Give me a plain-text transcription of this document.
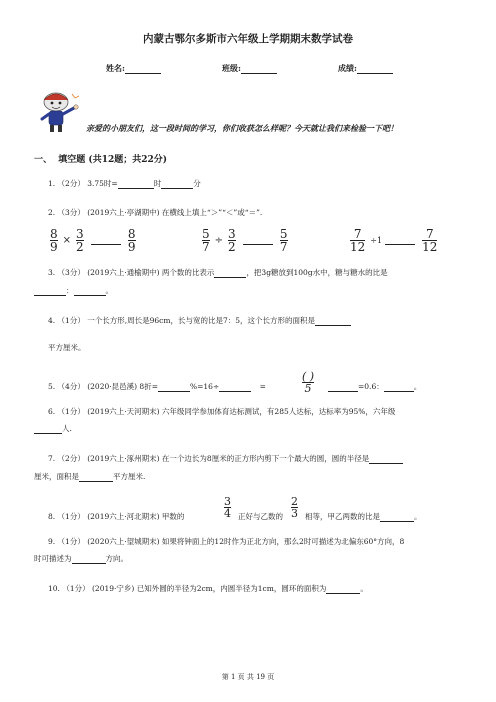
内蒙古鄂尔多斯市六年级上学期期末数学试卷
姓名:	班级:	成绩:
亲爱的小朋友们，这一段时间的学习，你们收获怎么样呢？今天就让我们来检验一下吧！
一、 填空题 (共12题；共22分)
1. （2分） 3.75时=	时	分
2. （3分） (2019六上·亭湖期中) 在横线上填上“＞”“＜”或“＝”.
$\frac{8}{9} \times \frac{3}{2}$
	$\frac{8}{9}$	$\frac{5}{7} \div \frac{3}{2}$
	$\frac{5}{7}$	$\frac{7}{12} \div 1$	$\frac{7}{12}$
3. （3分） (2019六上·通榆期中) 两个数的比表示	，把3g糖放到100g水中，糖与糖水的比是
：	。
4. （1分） 一个长方形,周长是96cm，长与宽的比是7：5，这个长方形的面积是
平方厘米。
5. （4分） (2020·昆邑溪) 8折=	%=16÷	=	$\frac{( )}{5}$	=0.6：	。
6. （1分） (2019六上·天河期末) 六年级同学参加体育达标测试，有285人达标，达标率为95%，六年级
人.
7. （2分） (2019六上·涿州期末) 在一个边长为8厘米的正方形内剪下一个最大的圆，圆的半径是
厘米，面积是	平方厘米.
8. （1分） (2019六上·河北期末) 甲数的	$\frac{3}{4}$ 正好与乙数的 $\frac{2}{3}$ 相等，甲乙两数的比是	。
9. （1分） (2020六上·望城期末) 如果将钟面上的12时作为正北方向，那么2时可描述为北偏东60°方向，8
时可描述为	方向。
10. （1分） (2019·宁乡) 已知外圆的半径为2cm，内圆半径为1cm，圆环的面积为	。
第 1 页 共 19 页
